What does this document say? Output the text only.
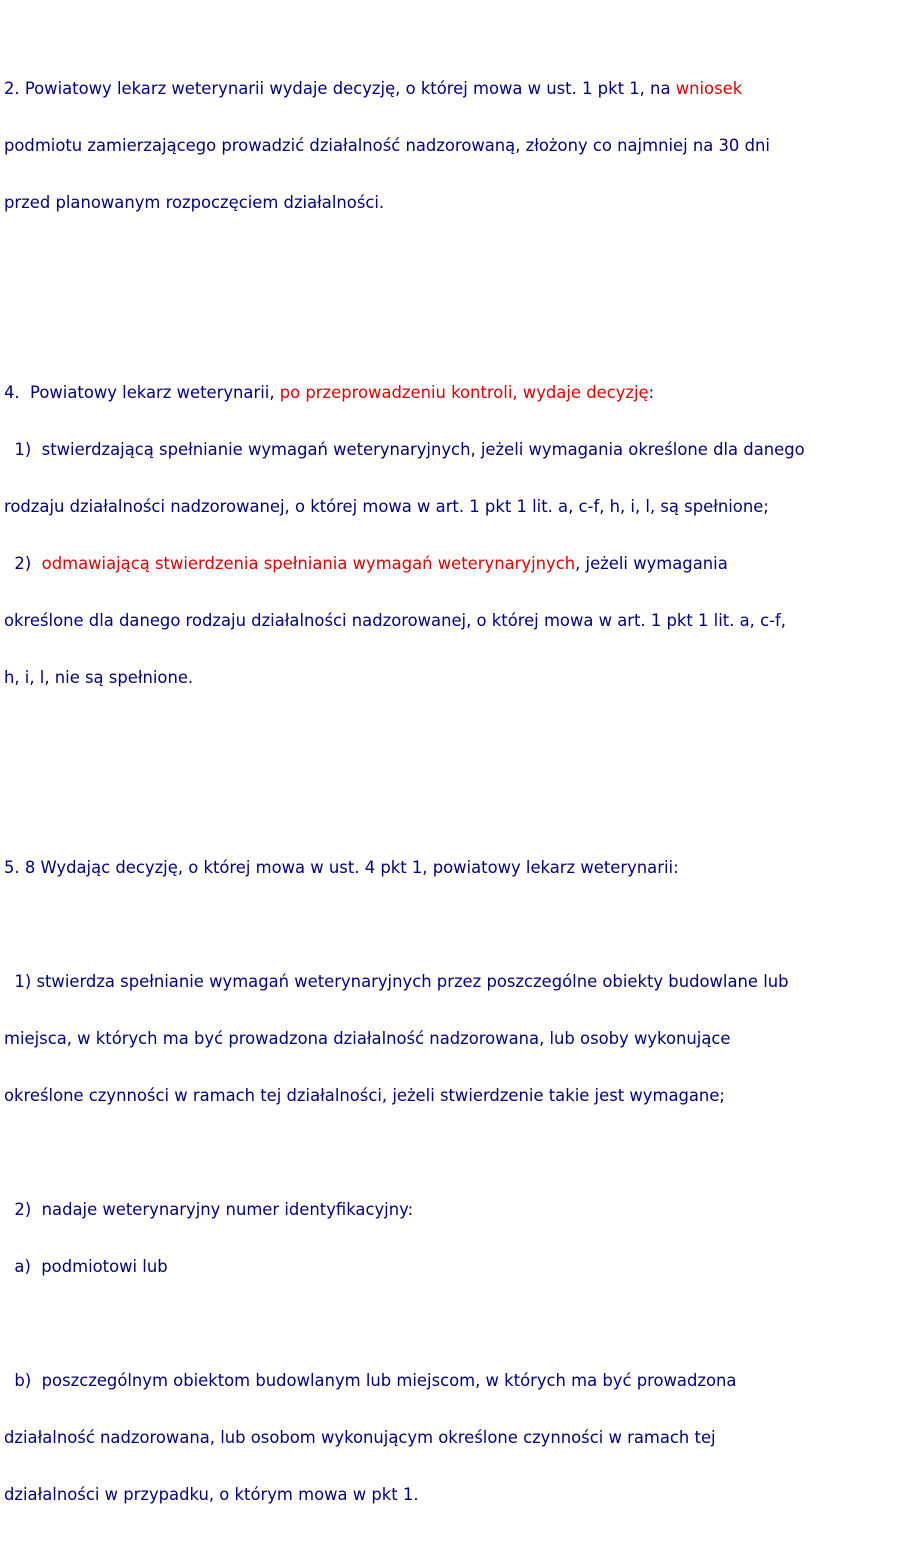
2. Powiatowy lekarz weterynarii wydaje decyzję, o której mowa w ust. 1 pkt 1, na wniosek

podmiotu zamierzającego prowadzić działalność nadzorowaną, złożony co najmniej na 30 dni

przed planowanym rozpoczęciem działalności.

4.  Powiatowy lekarz weterynarii, po przeprowadzeniu kontroli, wydaje decyzję:

1)  stwierdzającą spełnianie wymagań weterynaryjnych, jeżeli wymagania określone dla danego

rodzaju działalności nadzorowanej, o której mowa w art. 1 pkt 1 lit. a, c-f, h, i, l, są spełnione;

2)  odmawiającą stwierdzenia spełniania wymagań weterynaryjnych, jeżeli wymagania

określone dla danego rodzaju działalności nadzorowanej, o której mowa w art. 1 pkt 1 lit. a, c-f,

h, i, l, nie są spełnione.

5. 8 Wydając decyzję, o której mowa w ust. 4 pkt 1, powiatowy lekarz weterynarii:

1) stwierdza spełnianie wymagań weterynaryjnych przez poszczególne obiekty budowlane lub

miejsca, w których ma być prowadzona działalność nadzorowana, lub osoby wykonujące

określone czynności w ramach tej działalności, jeżeli stwierdzenie takie jest wymagane;

2)  nadaje weterynaryjny numer identyfikacyjny:

a)  podmiotowi lub

b)  poszczególnym obiektom budowlanym lub miejscom, w których ma być prowadzona

działalność nadzorowana, lub osobom wykonującym określone czynności w ramach tej

działalności w przypadku, o którym mowa w pkt 1.
